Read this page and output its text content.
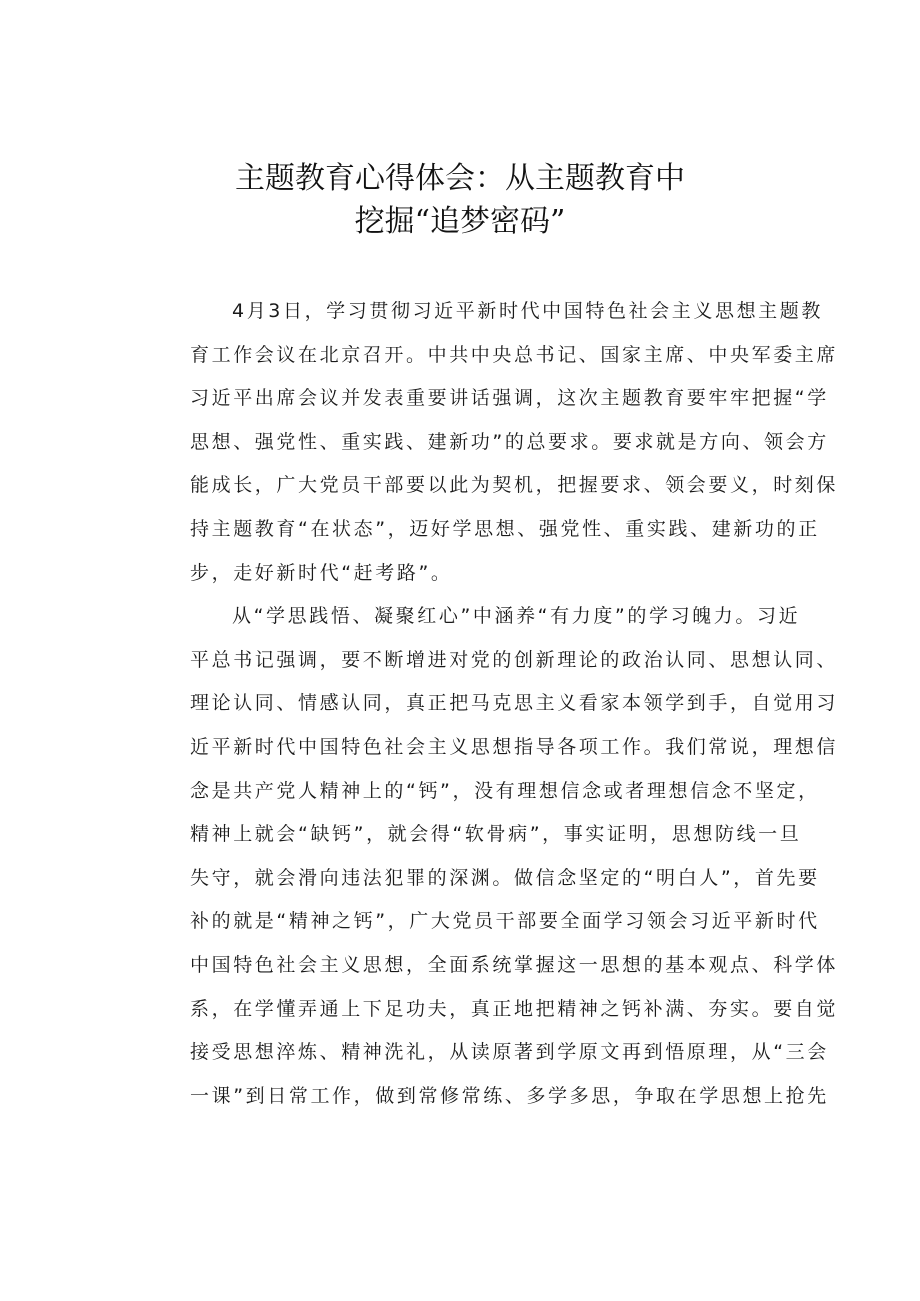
主题教育心得体会：从主题教育中
挖掘“追梦密码”
4月3日，学习贯彻习近平新时代中国特色社会主义思想主题教
育工作会议在北京召开。中共中央总书记、国家主席、中央军委主席
习近平出席会议并发表重要讲话强调，这次主题教育要牢牢把握“学
思想、强党性、重实践、建新功”的总要求。要求就是方向、领会方
能成长，广大党员干部要以此为契机，把握要求、领会要义，时刻保
持主题教育“在状态”，迈好学思想、强党性、重实践、建新功的正
步，走好新时代“赶考路”。
从“学思践悟、凝聚红心”中涵养“有力度”的学习魄力。习近
平总书记强调，要不断增进对党的创新理论的政治认同、思想认同、
理论认同、情感认同，真正把马克思主义看家本领学到手，自觉用习
近平新时代中国特色社会主义思想指导各项工作。我们常说，理想信
念是共产党人精神上的“钙”，没有理想信念或者理想信念不坚定，
精神上就会“缺钙”，就会得“软骨病”，事实证明，思想防线一旦
失守，就会滑向违法犯罪的深渊。做信念坚定的“明白人”，首先要
补的就是“精神之钙”，广大党员干部要全面学习领会习近平新时代
中国特色社会主义思想，全面系统掌握这一思想的基本观点、科学体
系，在学懂弄通上下足功夫，真正地把精神之钙补满、夯实。要自觉
接受思想淬炼、精神洗礼，从读原著到学原文再到悟原理，从“三会
一课”到日常工作，做到常修常练、多学多思，争取在学思想上抢先
